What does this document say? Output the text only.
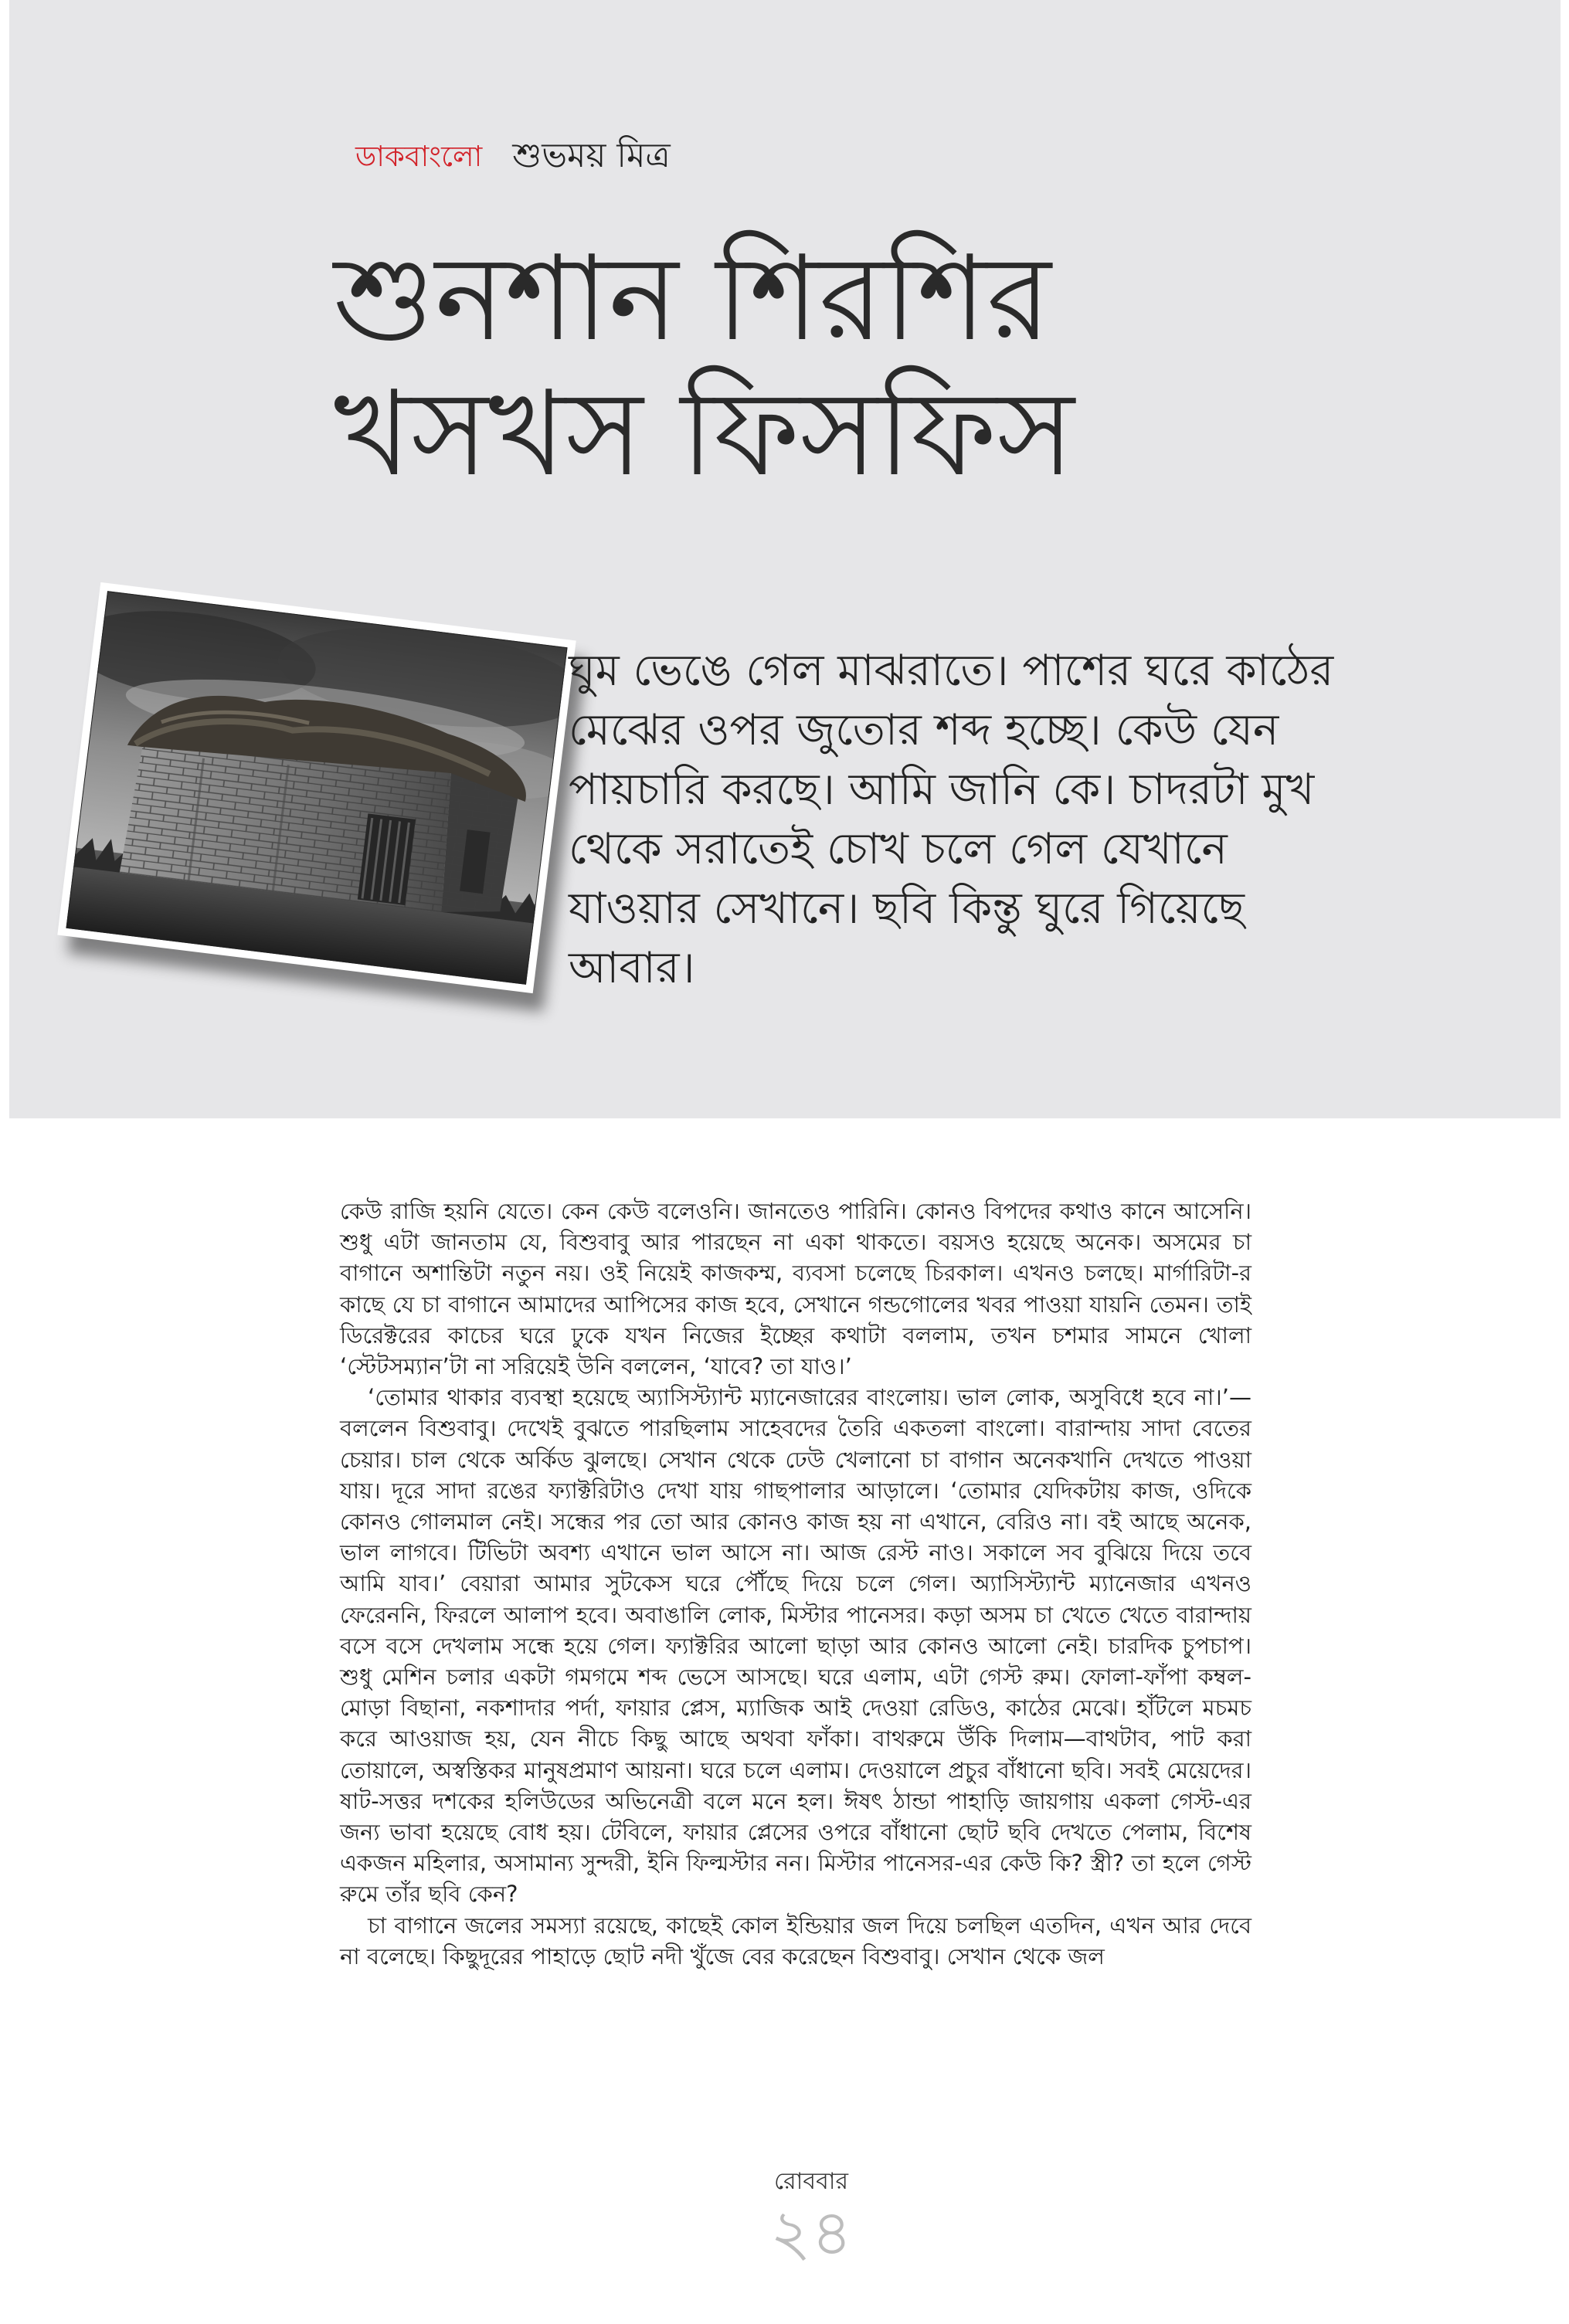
ডাকবাংলো শুভময় মিত্র
শুনশান শিরশির
খসখস ফিসফিস
ঘুম ভেঙে গেল মাঝরাতে। পাশের ঘরে কাঠের মেঝের ওপর জুতোর শব্দ হচ্ছে। কেউ যেন পায়চারি করছে। আমি জানি কে। চাদরটা মুখ থেকে সরাতেই চোখ চলে গেল যেখানে যাওয়ার সেখানে। ছবি কিন্তু ঘুরে গিয়েছে আবার।

কেউ রাজি হয়নি যেতে। কেন কেউ বলেওনি। জানতেও পারিনি। কোনও বিপদের কথাও কানে আসেনি। শুধু এটা জানতাম যে, বিশুবাবু আর পারছেন না একা থাকতে। বয়সও হয়েছে অনেক। অসমের চা বাগানে অশান্তিটা নতুন নয়। ওই নিয়েই কাজকম্ম, ব্যবসা চলেছে চিরকাল। এখনও চলছে। মার্গারিটা-র কাছে যে চা বাগানে আমাদের আপিসের কাজ হবে, সেখানে গন্ডগোলের খবর পাওয়া যায়নি তেমন। তাই ডিরেক্টরের কাচের ঘরে ঢুকে যখন নিজের ইচ্ছের কথাটা বললাম, তখন চশমার সামনে খোলা ‘স্টেটসম্যান’টা না সরিয়েই উনি বললেন, ‘যাবে? তা যাও।’

‘তোমার থাকার ব্যবস্থা হয়েছে অ্যাসিস্ট্যান্ট ম্যানেজারের বাংলোয়। ভাল লোক, অসুবিধে হবে না।’—বললেন বিশুবাবু। দেখেই বুঝতে পারছিলাম সাহেবদের তৈরি একতলা বাংলো। বারান্দায় সাদা বেতের চেয়ার। চাল থেকে অর্কিড ঝুলছে। সেখান থেকে ঢেউ খেলানো চা বাগান অনেকখানি দেখতে পাওয়া যায়। দূরে সাদা রঙের ফ্যাক্টরিটাও দেখা যায় গাছপালার আড়ালে। ‘তোমার যেদিকটায় কাজ, ওদিকে কোনও গোলমাল নেই। সন্ধের পর তো আর কোনও কাজ হয় না এখানে, বেরিও না। বই আছে অনেক, ভাল লাগবে। টিভিটা অবশ্য এখানে ভাল আসে না। আজ রেস্ট নাও। সকালে সব বুঝিয়ে দিয়ে তবে আমি যাব।’ বেয়ারা আমার সুটকেস ঘরে পৌঁছে দিয়ে চলে গেল। অ্যাসিস্ট্যান্ট ম্যানেজার এখনও ফেরেননি, ফিরলে আলাপ হবে। অবাঙালি লোক, মিস্টার পানেসর। কড়া অসম চা খেতে খেতে বারান্দায় বসে বসে দেখলাম সন্ধে হয়ে গেল। ফ্যাক্টরির আলো ছাড়া আর কোনও আলো নেই। চারদিক চুপচাপ। শুধু মেশিন চলার একটা গমগমে শব্দ ভেসে আসছে। ঘরে এলাম, এটা গেস্ট রুম। ফোলা-ফাঁপা কম্বল-মোড়া বিছানা, নকশাদার পর্দা, ফায়ার প্লেস, ম্যাজিক আই দেওয়া রেডিও, কাঠের মেঝে। হাঁটলে মচমচ করে আওয়াজ হয়, যেন নীচে কিছু আছে অথবা ফাঁকা। বাথরুমে উঁকি দিলাম—বাথটাব, পাট করা তোয়ালে, অস্বস্তিকর মানুষপ্রমাণ আয়না। ঘরে চলে এলাম। দেওয়ালে প্রচুর বাঁধানো ছবি। সবই মেয়েদের। ষাট-সত্তর দশকের হলিউডের অভিনেত্রী বলে মনে হল। ঈষৎ ঠান্ডা পাহাড়ি জায়গায় একলা গেস্ট-এর জন্য ভাবা হয়েছে বোধ হয়। টেবিলে, ফায়ার প্লেসের ওপরে বাঁধানো ছোট ছবি দেখতে পেলাম, বিশেষ একজন মহিলার, অসামান্য সুন্দরী, ইনি ফিল্মস্টার নন। মিস্টার পানেসর-এর কেউ কি? স্ত্রী? তা হলে গেস্ট রুমে তাঁর ছবি কেন?

চা বাগানে জলের সমস্যা রয়েছে, কাছেই কোল ইন্ডিয়ার জল দিয়ে চলছিল এতদিন, এখন আর দেবে না বলেছে। কিছুদূরের পাহাড়ে ছোট নদী খুঁজে বের করেছেন বিশুবাবু। সেখান থেকে জল

রোববার
২৪
